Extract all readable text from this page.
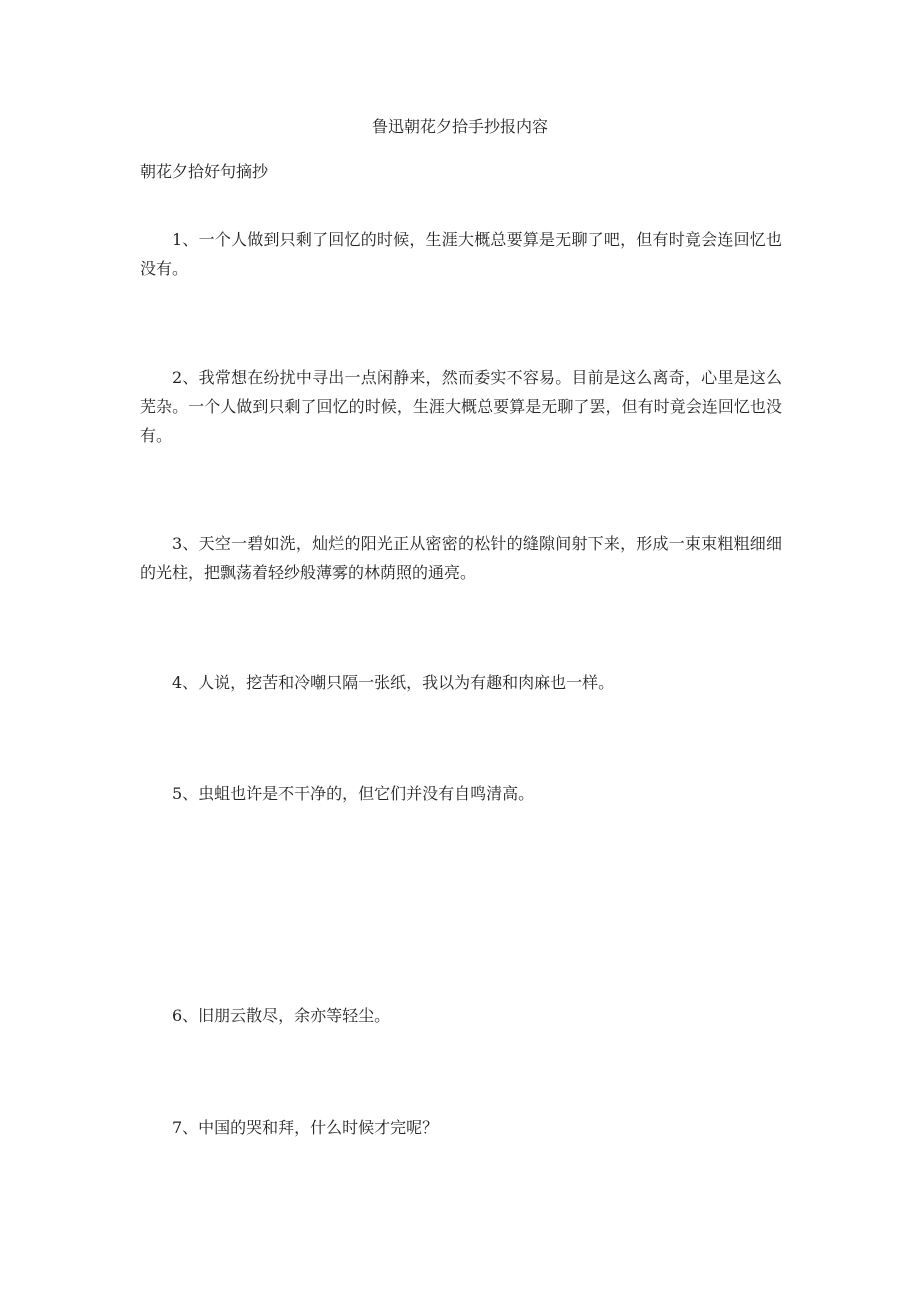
鲁迅朝花夕拾手抄报内容
朝花夕拾好句摘抄

1、一个人做到只剩了回忆的时候，生涯大概总要算是无聊了吧，但有时竟会连回忆也没有。

2、我常想在纷扰中寻出一点闲静来，然而委实不容易。目前是这么离奇，心里是这么芜杂。一个人做到只剩了回忆的时候，生涯大概总要算是无聊了罢，但有时竟会连回忆也没有。

3、天空一碧如洗，灿烂的阳光正从密密的松针的缝隙间射下来，形成一束束粗粗细细的光柱，把飘荡着轻纱般薄雾的林荫照的通亮。

4、人说，挖苦和冷嘲只隔一张纸，我以为有趣和肉麻也一样。

5、虫蛆也许是不干净的，但它们并没有自鸣清高。

6、旧朋云散尽，余亦等轻尘。

7、中国的哭和拜，什么时候才完呢？
